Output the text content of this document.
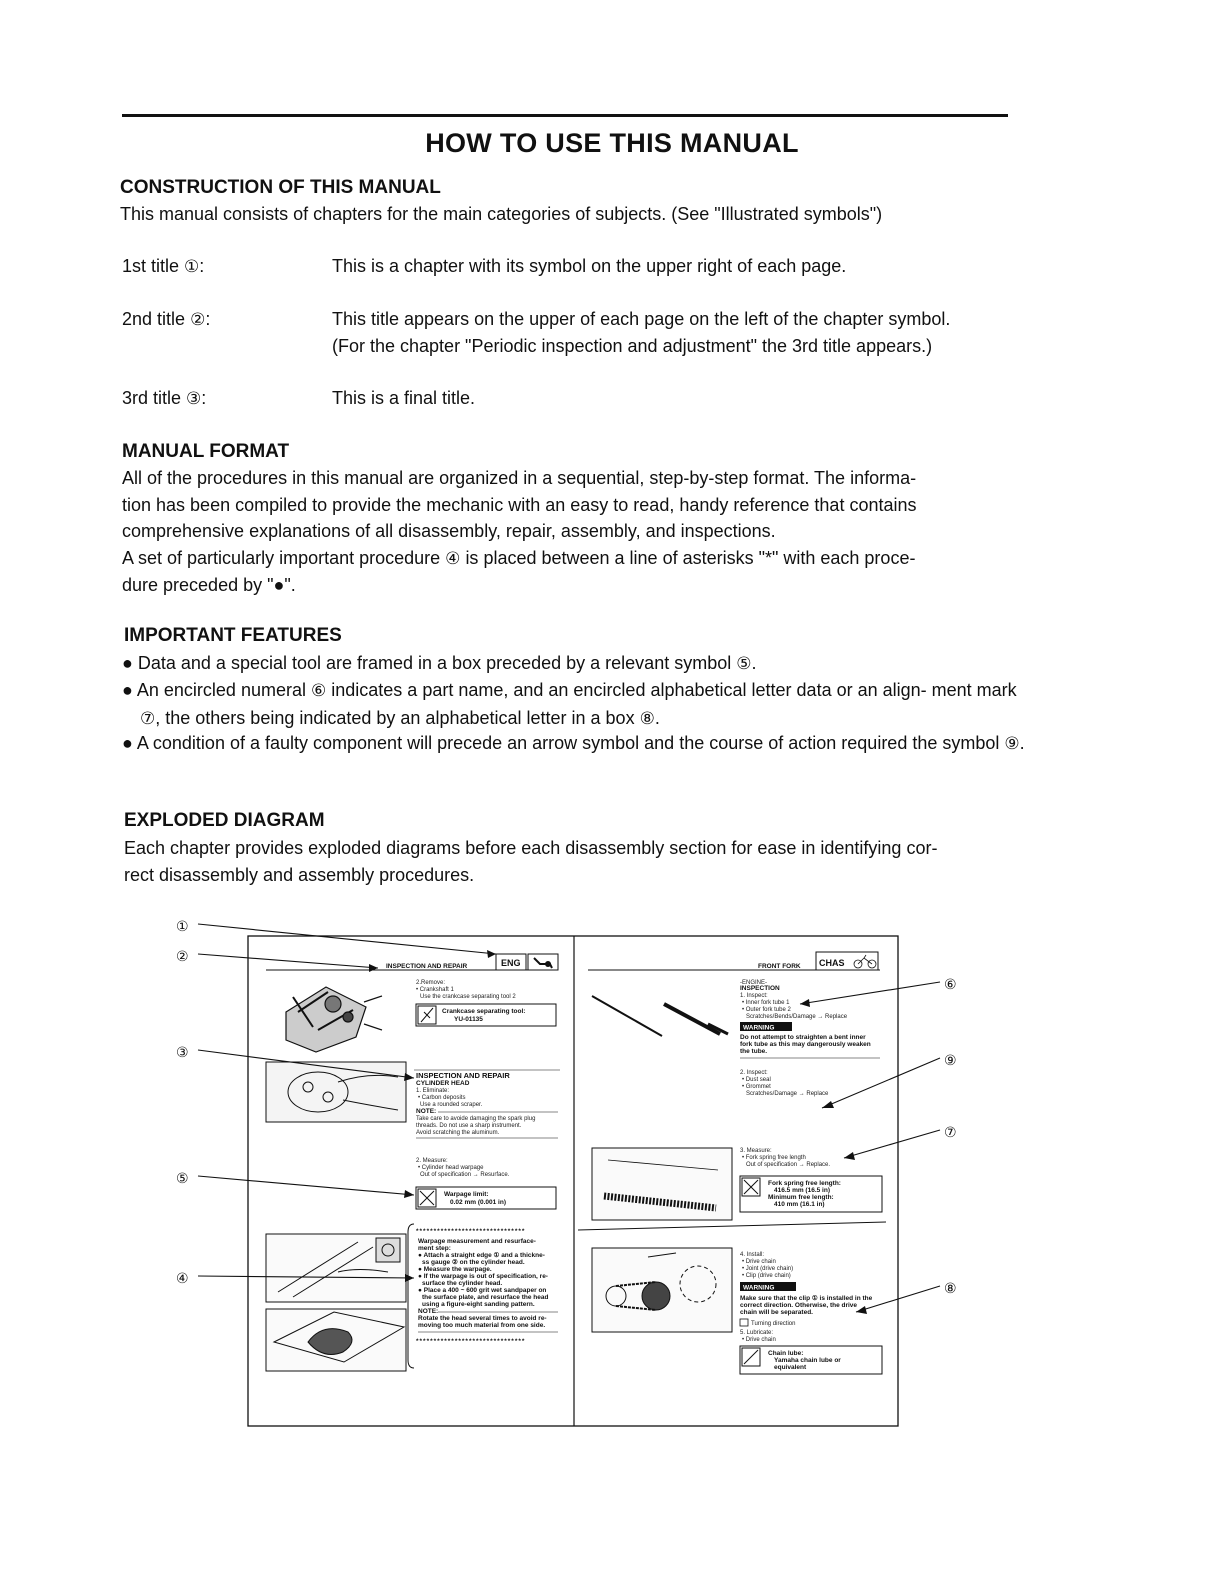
HOW TO USE THIS MANUAL
CONSTRUCTION OF THIS MANUAL
This manual consists of chapters for the main categories of subjects. (See "Illustrated symbols")
1st title ①:	This is a chapter with its symbol on the upper right of each page.
2nd title ②:	This title appears on the upper of each page on the left of the chapter symbol.
(For the chapter "Periodic inspection and adjustment" the 3rd title appears.)
3rd title ③:	This is a final title.
MANUAL FORMAT
All of the procedures in this manual are organized in a sequential, step-by-step format. The informa-
tion has been compiled to provide the mechanic with an easy to read, handy reference that contains
comprehensive explanations of all disassembly, repair, assembly, and inspections.
A set of particularly important procedure ④ is placed between a line of asterisks "*" with each proce-
dure preceded by "●".
IMPORTANT FEATURES
● Data and a special tool are framed in a box preceded by a relevant symbol ⑤.
● An encircled numeral ⑥ indicates a part name, and an encircled alphabetical letter data or an align- ment mark ⑦, the others being indicated by an alphabetical letter in a box ⑧.
● A condition of a faulty component will precede an arrow symbol and the course of action required the symbol ⑨.
EXPLODED DIAGRAM
Each chapter provides exploded diagrams before each disassembly section for ease in identifying cor-
rect disassembly and assembly procedures.
INSPECTION AND REPAIR	ENG
2.Remove:
• Crankshaft 1
Use the crankcase separating tool 2
Crankcase separating tool:
YU-01135
INSPECTION AND REPAIR
CYLINDER HEAD
1. Eliminate:
• Carbon deposits
Use a rounded scraper.
NOTE:
Take care to avoide damaging the spark plug
threads. Do not use a sharp instrument.
Avoid scratching the aluminum.
2. Measure:
• Cylinder head warpage
Out of specification → Resurface.
Warpage limit:
0.02 mm (0.001 in)
*******************************
Warpage measurement and resurface-
ment step:
● Attach a straight edge ① and a thickne-
ss gauge ② on the cylinder head.
● Measure the warpage.
● If the warpage is out of specification, re-
surface the cylinder head.
● Place a 400 ~ 600 grit wet sandpaper on
the surface plate, and resurface the head
using a figure-eight sanding pattern.
NOTE:
Rotate the head several times to avoid re-
moving too much material from one side.
*******************************
FRONT FORK CHAS
-ENGINE-
INSPECTION
1. Inspect:
• Inner fork tube 1
• Outer fork tube 2
Scratches/Bends/Damage → Replace
WARNING
Do not attempt to straighten a bent inner
fork tube as this may dangerously weaken
the tube.
2. Inspect:
• Dust seal
• Grommet
Scratches/Damage → Replace
3. Measure:
• Fork spring free length
Out of specification → Replace.
Fork spring free length:
416.5 mm (16.5 in)
Minimum free length:
410 mm (16.1 in)
4. Install:
• Drive chain
• Joint (drive chain)
• Clip (drive chain)
WARNING
Make sure that the clip ① is installed in the
correct direction. Otherwise, the drive
chain will be separated.
Turning direction
5. Lubricate:
• Drive chain
Chain lube:
Yamaha chain lube or
equivalent
①
②
③
④
⑤
⑥
⑦
⑧
⑨
